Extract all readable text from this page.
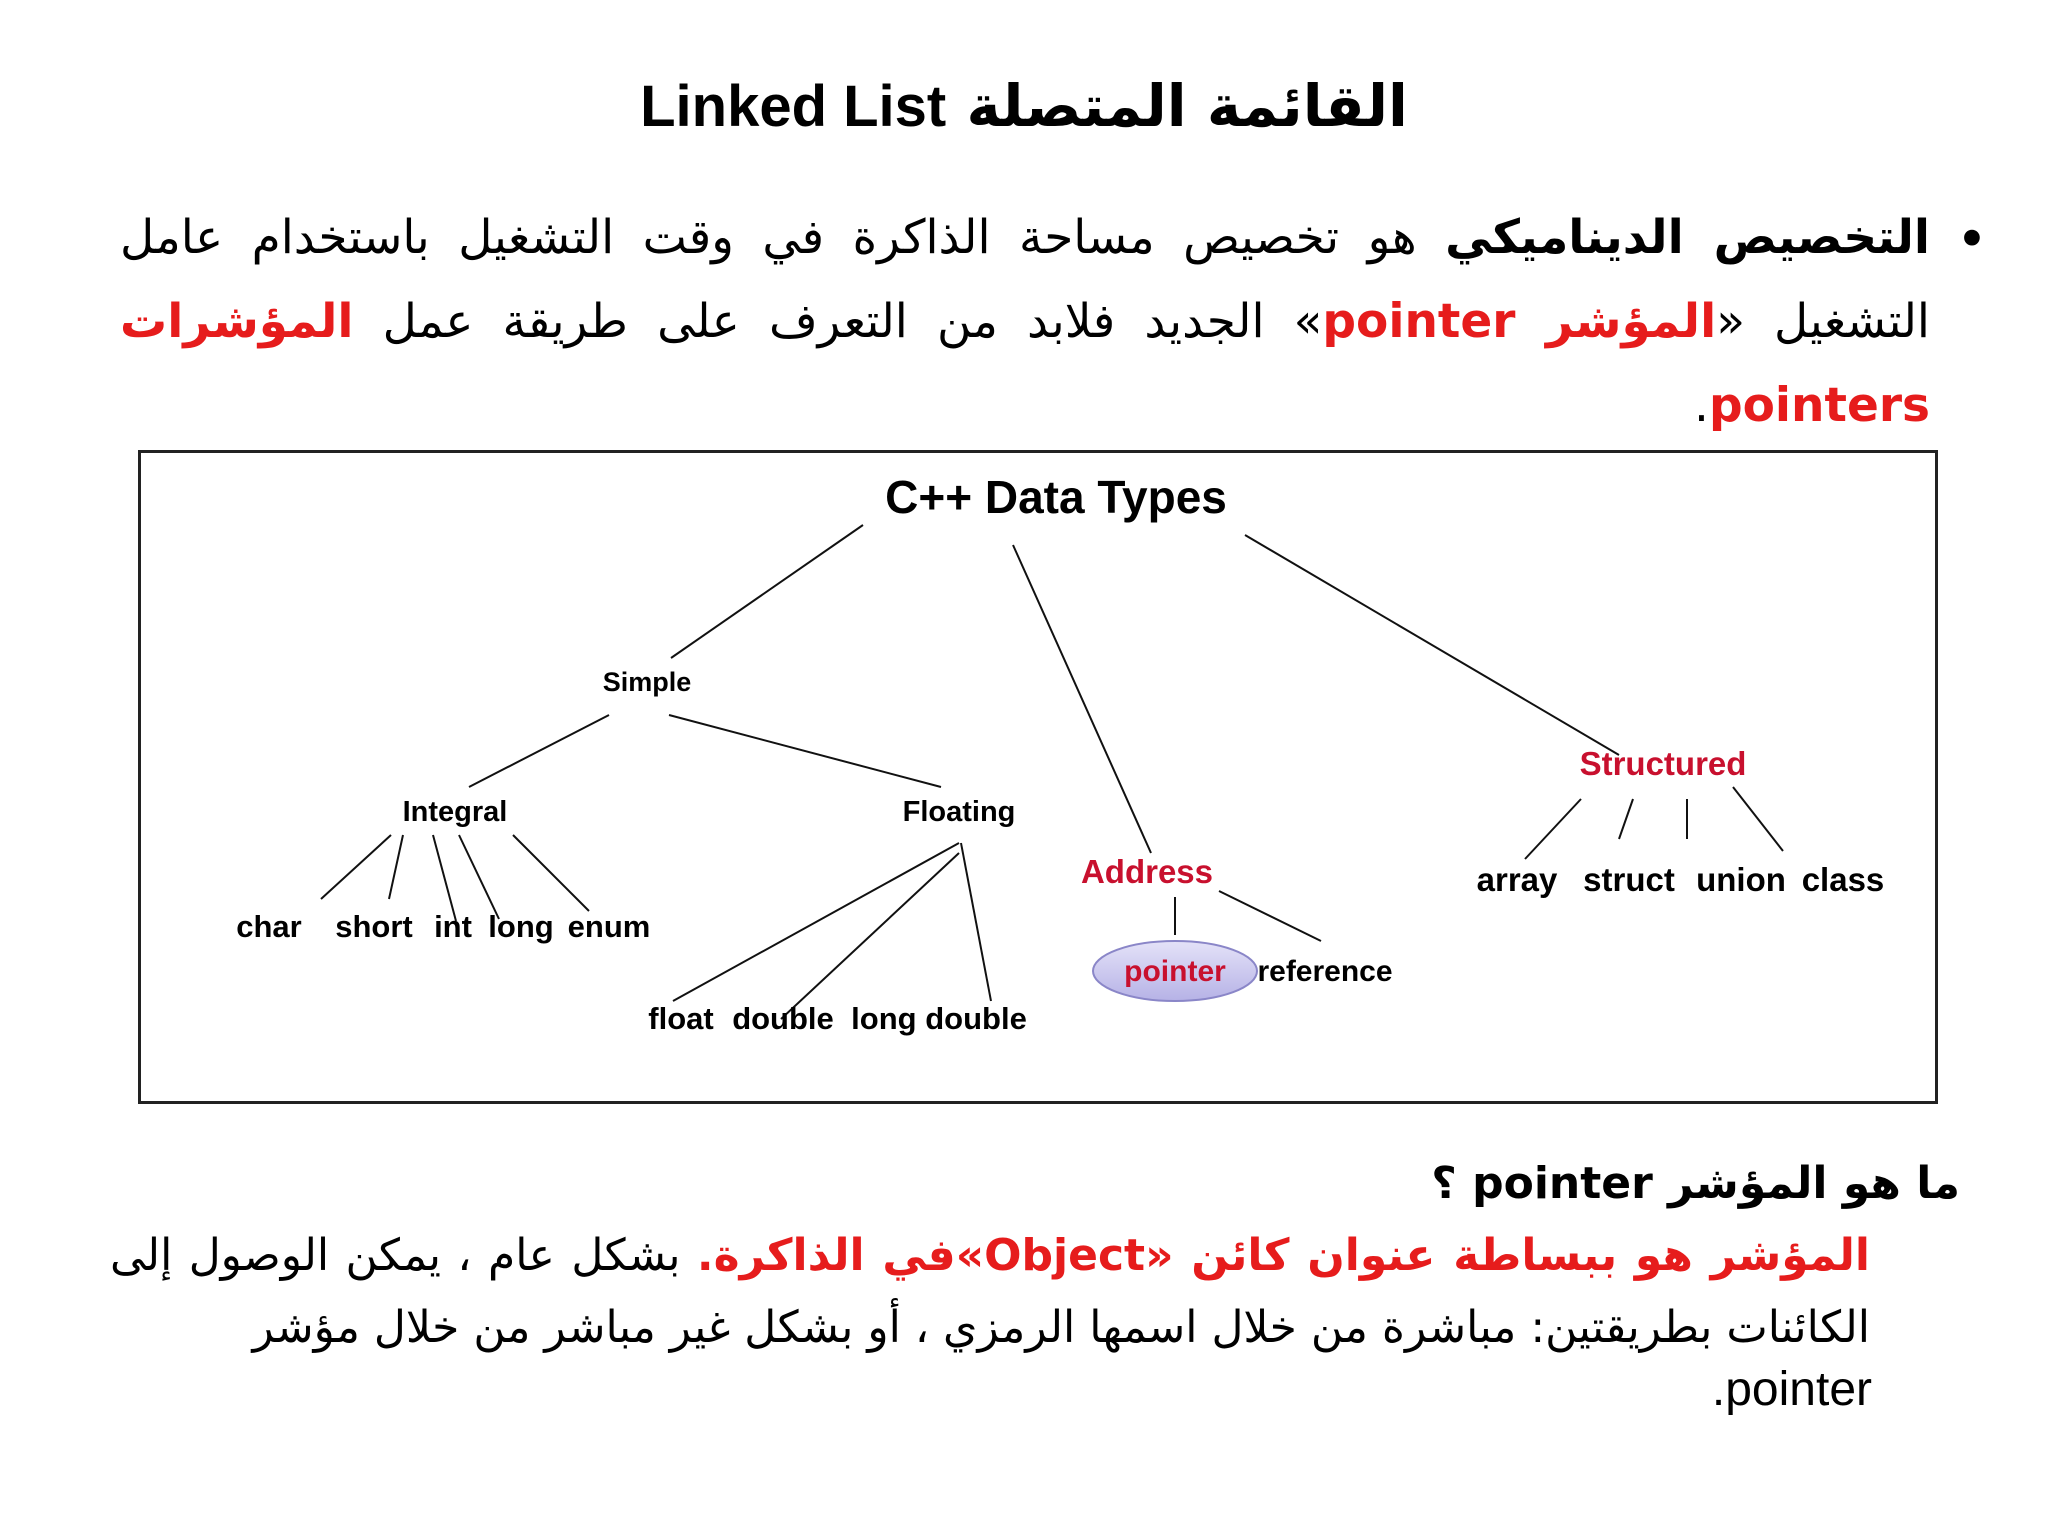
القائمة المتصلة Linked List
•
التخصيص الديناميكي هو تخصيص مساحة الذاكرة في وقت التشغيل باستخدام عامل التشغيل «المؤشر pointer» الجديد فلابد من التعرف على طريقة عمل المؤشرات pointers.
C++ Data Types
Simple
Integral	Floating
Address
Structured
char short int long enum
float double long double
pointer reference
array struct union class
ما هو المؤشر pointer ؟
المؤشر هو ببساطة عنوان كائن «Object»في الذاكرة. بشكل عام ، يمكن الوصول إلى الكائنات بطريقتين: مباشرة من خلال اسمها الرمزي ، أو بشكل غير مباشر من خلال مؤشر
.pointer
